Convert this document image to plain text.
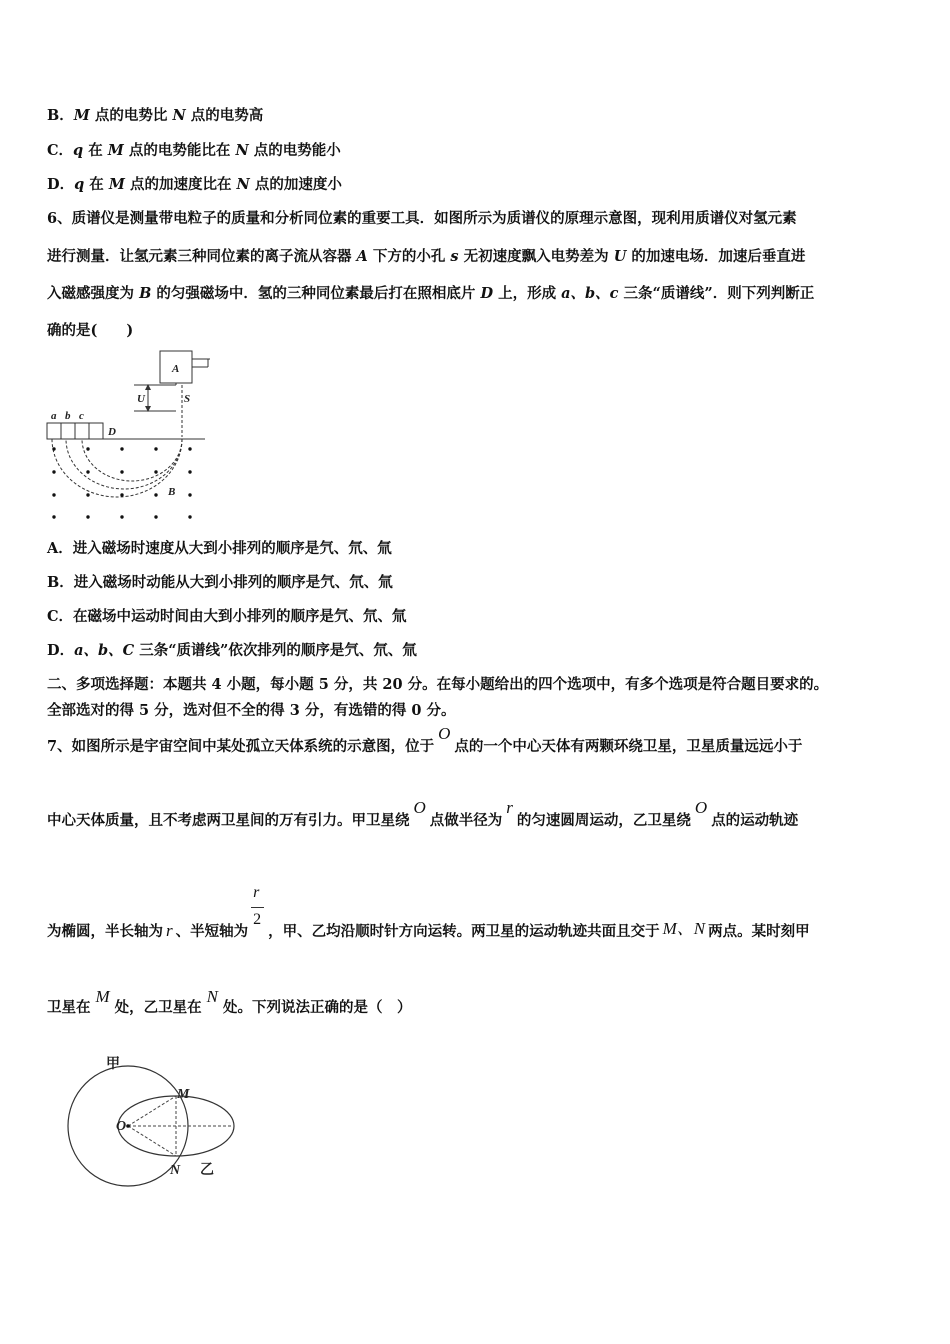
B．M 点的电势比 N 点的电势高
C．q 在 M 点的电势能比在 N 点的电势能小
D．q 在 M 点的加速度比在 N 点的加速度小
6、质谱仪是测量带电粒子的质量和分析同位素的重要工具．如图所示为质谱仪的原理示意图，现利用质谱仪对氢元素
进行测量．让氢元素三种同位素的离子流从容器 A 下方的小孔 s 无初速度飘入电势差为 U 的加速电场．加速后垂直进
入磁感强度为 B 的匀强磁场中．氢的三种同位素最后打在照相底片 D 上，形成 a、b、c 三条“质谱线”．则下列判断正
确的是(　　)
A
U	S
a b c
D
B
A．进入磁场时速度从大到小排列的顺序是氕、氘、氚
B．进入磁场时动能从大到小排列的顺序是氕、氘、氚
C．在磁场中运动时间由大到小排列的顺序是氕、氘、氚
D．a、b、C 三条“质谱线”依次排列的顺序是氕、氘、氚
二、多项选择题：本题共 4 小题，每小题 5 分，共 20 分。在每小题给出的四个选项中，有多个选项是符合题目要求的。
全部选对的得 5 分，选对但不全的得 3 分，有选错的得 0 分。
7、如图所示是宇宙空间中某处孤立天体系统的示意图，位于O点的一个中心天体有两颗环绕卫星，卫星质量远远小于
中心天体质量，且不考虑两卫星间的万有引力。甲卫星绕O点做半径为r的匀速圆周运动，乙卫星绕O点的运动轨迹
为椭圆，半长轴为 r 、半短轴为 $\frac{r}{2}$ ，甲、乙均沿顺时针方向运转。两卫星的运动轨迹共面且交于 M、N 两点。某时刻甲
卫星在M处，乙卫星在N处。下列说法正确的是（　）
甲
乙
M
N
O
